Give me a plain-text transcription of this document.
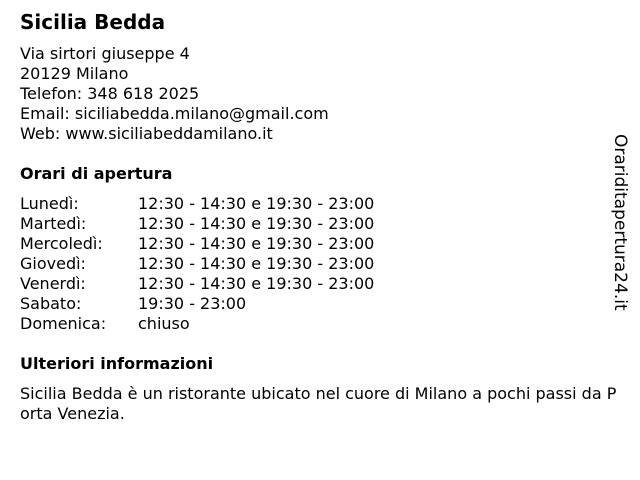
Sicilia Bedda
Via sirtori giuseppe 4
20129 Milano
Telefon: 348 618 2025
Email: siciliabedda.milano@gmail.com
Web: www.siciliabeddamilano.it
Orari di apertura
Lunedì:	12:30 - 14:30 e 19:30 - 23:00
Martedì:	12:30 - 14:30 e 19:30 - 23:00
Mercoledì:	12:30 - 14:30 e 19:30 - 23:00
Giovedì:	12:30 - 14:30 e 19:30 - 23:00
Venerdì:	12:30 - 14:30 e 19:30 - 23:00
Sabato:	19:30 - 23:00
Domenica:	chiuso
Ulteriori informazioni
Sicilia Bedda è un ristorante ubicato nel cuore di Milano a pochi passi da Porta Venezia.
Orariditapertura24.it
